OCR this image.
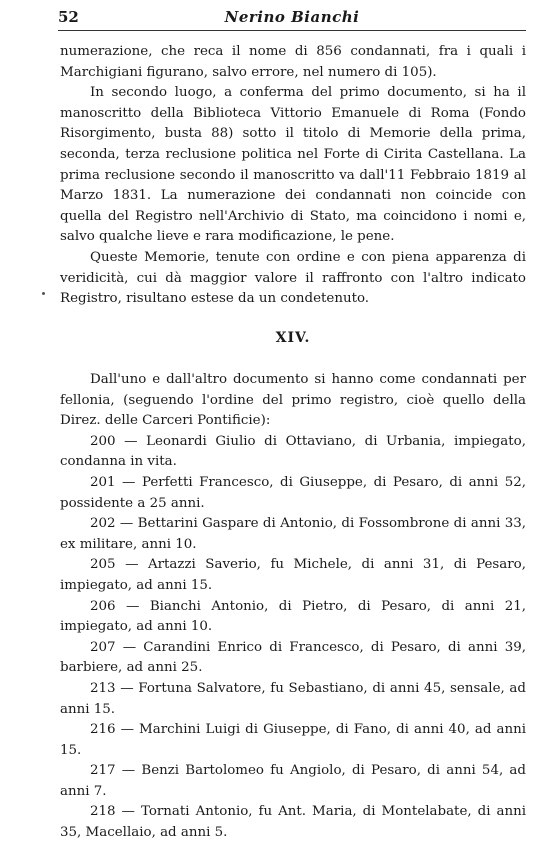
52	Nerino Bianchi

numerazione, che reca il nome di 856 condannati, fra i quali i Marchigiani figurano, salvo errore, nel numero di 105).

In secondo luogo, a conferma del primo documento, si ha il manoscritto della Biblioteca Vittorio Emanuele di Roma (Fondo Risorgimento, busta 88) sotto il titolo di Memorie della prima, seconda, terza reclusione politica nel Forte di Cirita Castellana. La prima reclusione secondo il manoscritto va dall'11 Febbraio 1819 al Marzo 1831. La numerazione dei condannati non coincide con quella del Registro nell'Archivio di Stato, ma coincidono i nomi e, salvo qualche lieve e rara modificazione, le pene.

Queste Memorie, tenute con ordine e con piena apparenza di veridicità, cui dà maggior valore il raffronto con l'altro indicato Registro, risultano estese da un condetenuto.

XIV.

Dall'uno e dall'altro documento si hanno come condannati per fellonia, (seguendo l'ordine del primo registro, cioè quello della Direz. delle Carceri Pontificie):

200 — Leonardi Giulio di Ottaviano, di Urbania, impiegato, condanna in vita.

201 — Perfetti Francesco, di Giuseppe, di Pesaro, di anni 52, possidente a 25 anni.

202 — Bettarini Gaspare di Antonio, di Fossombrone di anni 33, ex militare, anni 10.

205 — Artazzi Saverio, fu Michele, di anni 31, di Pesaro, impiegato, ad anni 15.

206 — Bianchi Antonio, di Pietro, di Pesaro, di anni 21, impiegato, ad anni 10.

207 — Carandini Enrico di Francesco, di Pesaro, di anni 39, barbiere, ad anni 25.

213 — Fortuna Salvatore, fu Sebastiano, di anni 45, sensale, ad anni 15.

216 — Marchini Luigi di Giuseppe, di Fano, di anni 40, ad anni 15.

217 — Benzi Bartolomeo fu Angiolo, di Pesaro, di anni 54, ad anni 7.

218 — Tornati Antonio, fu Ant. Maria, di Montelabate, di anni 35, Macellaio, ad anni 5.
